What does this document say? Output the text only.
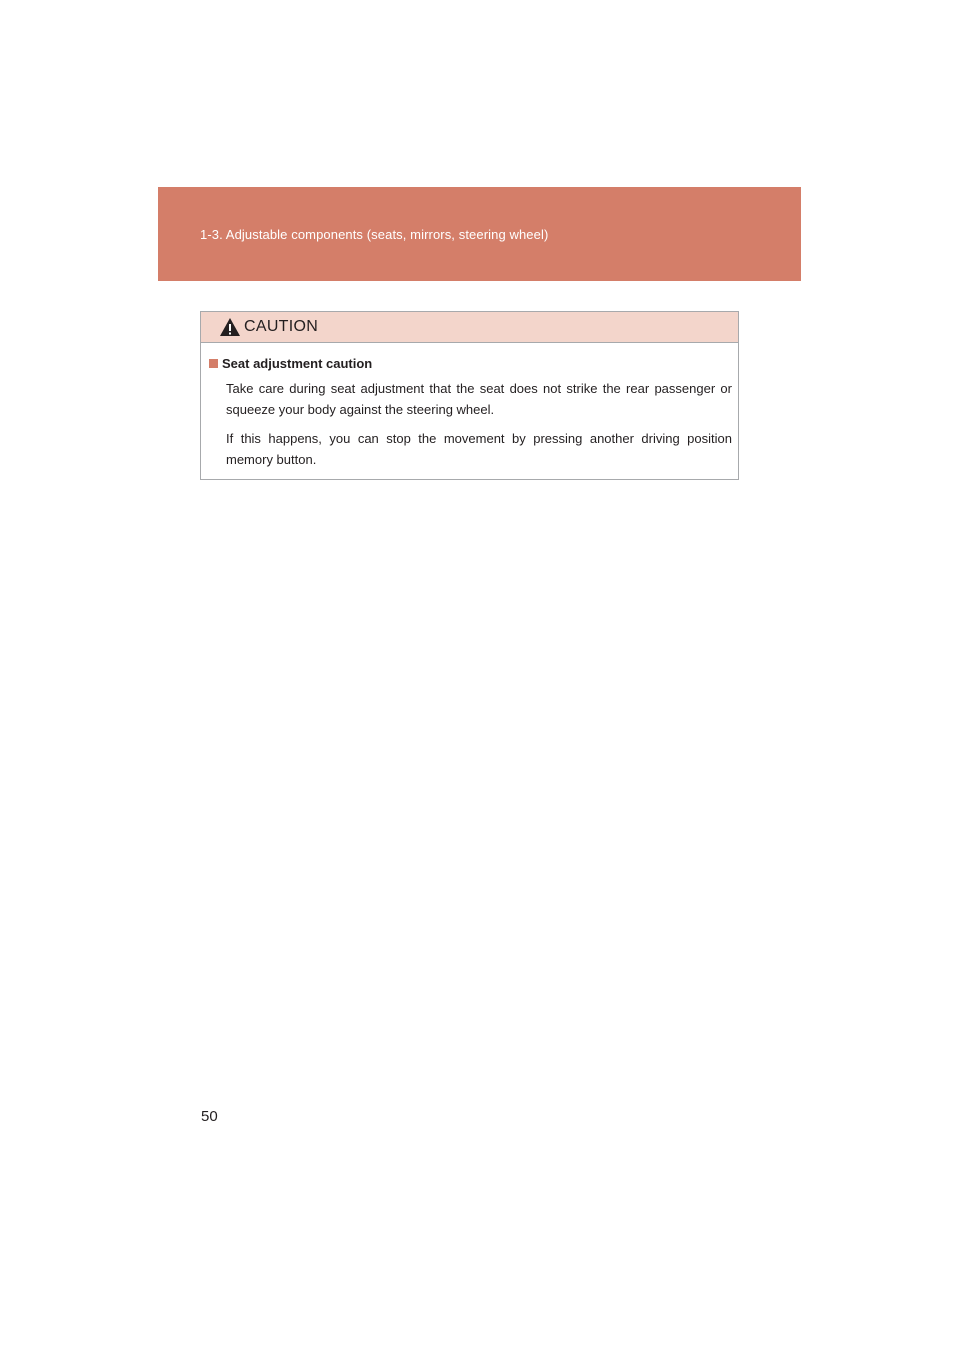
1-3. Adjustable components (seats, mirrors, steering wheel)
CAUTION
Seat adjustment caution

Take care during seat adjustment that the seat does not strike the rear passenger or squeeze your body against the steering wheel.

If this happens, you can stop the movement by pressing another driving position memory button.

50
